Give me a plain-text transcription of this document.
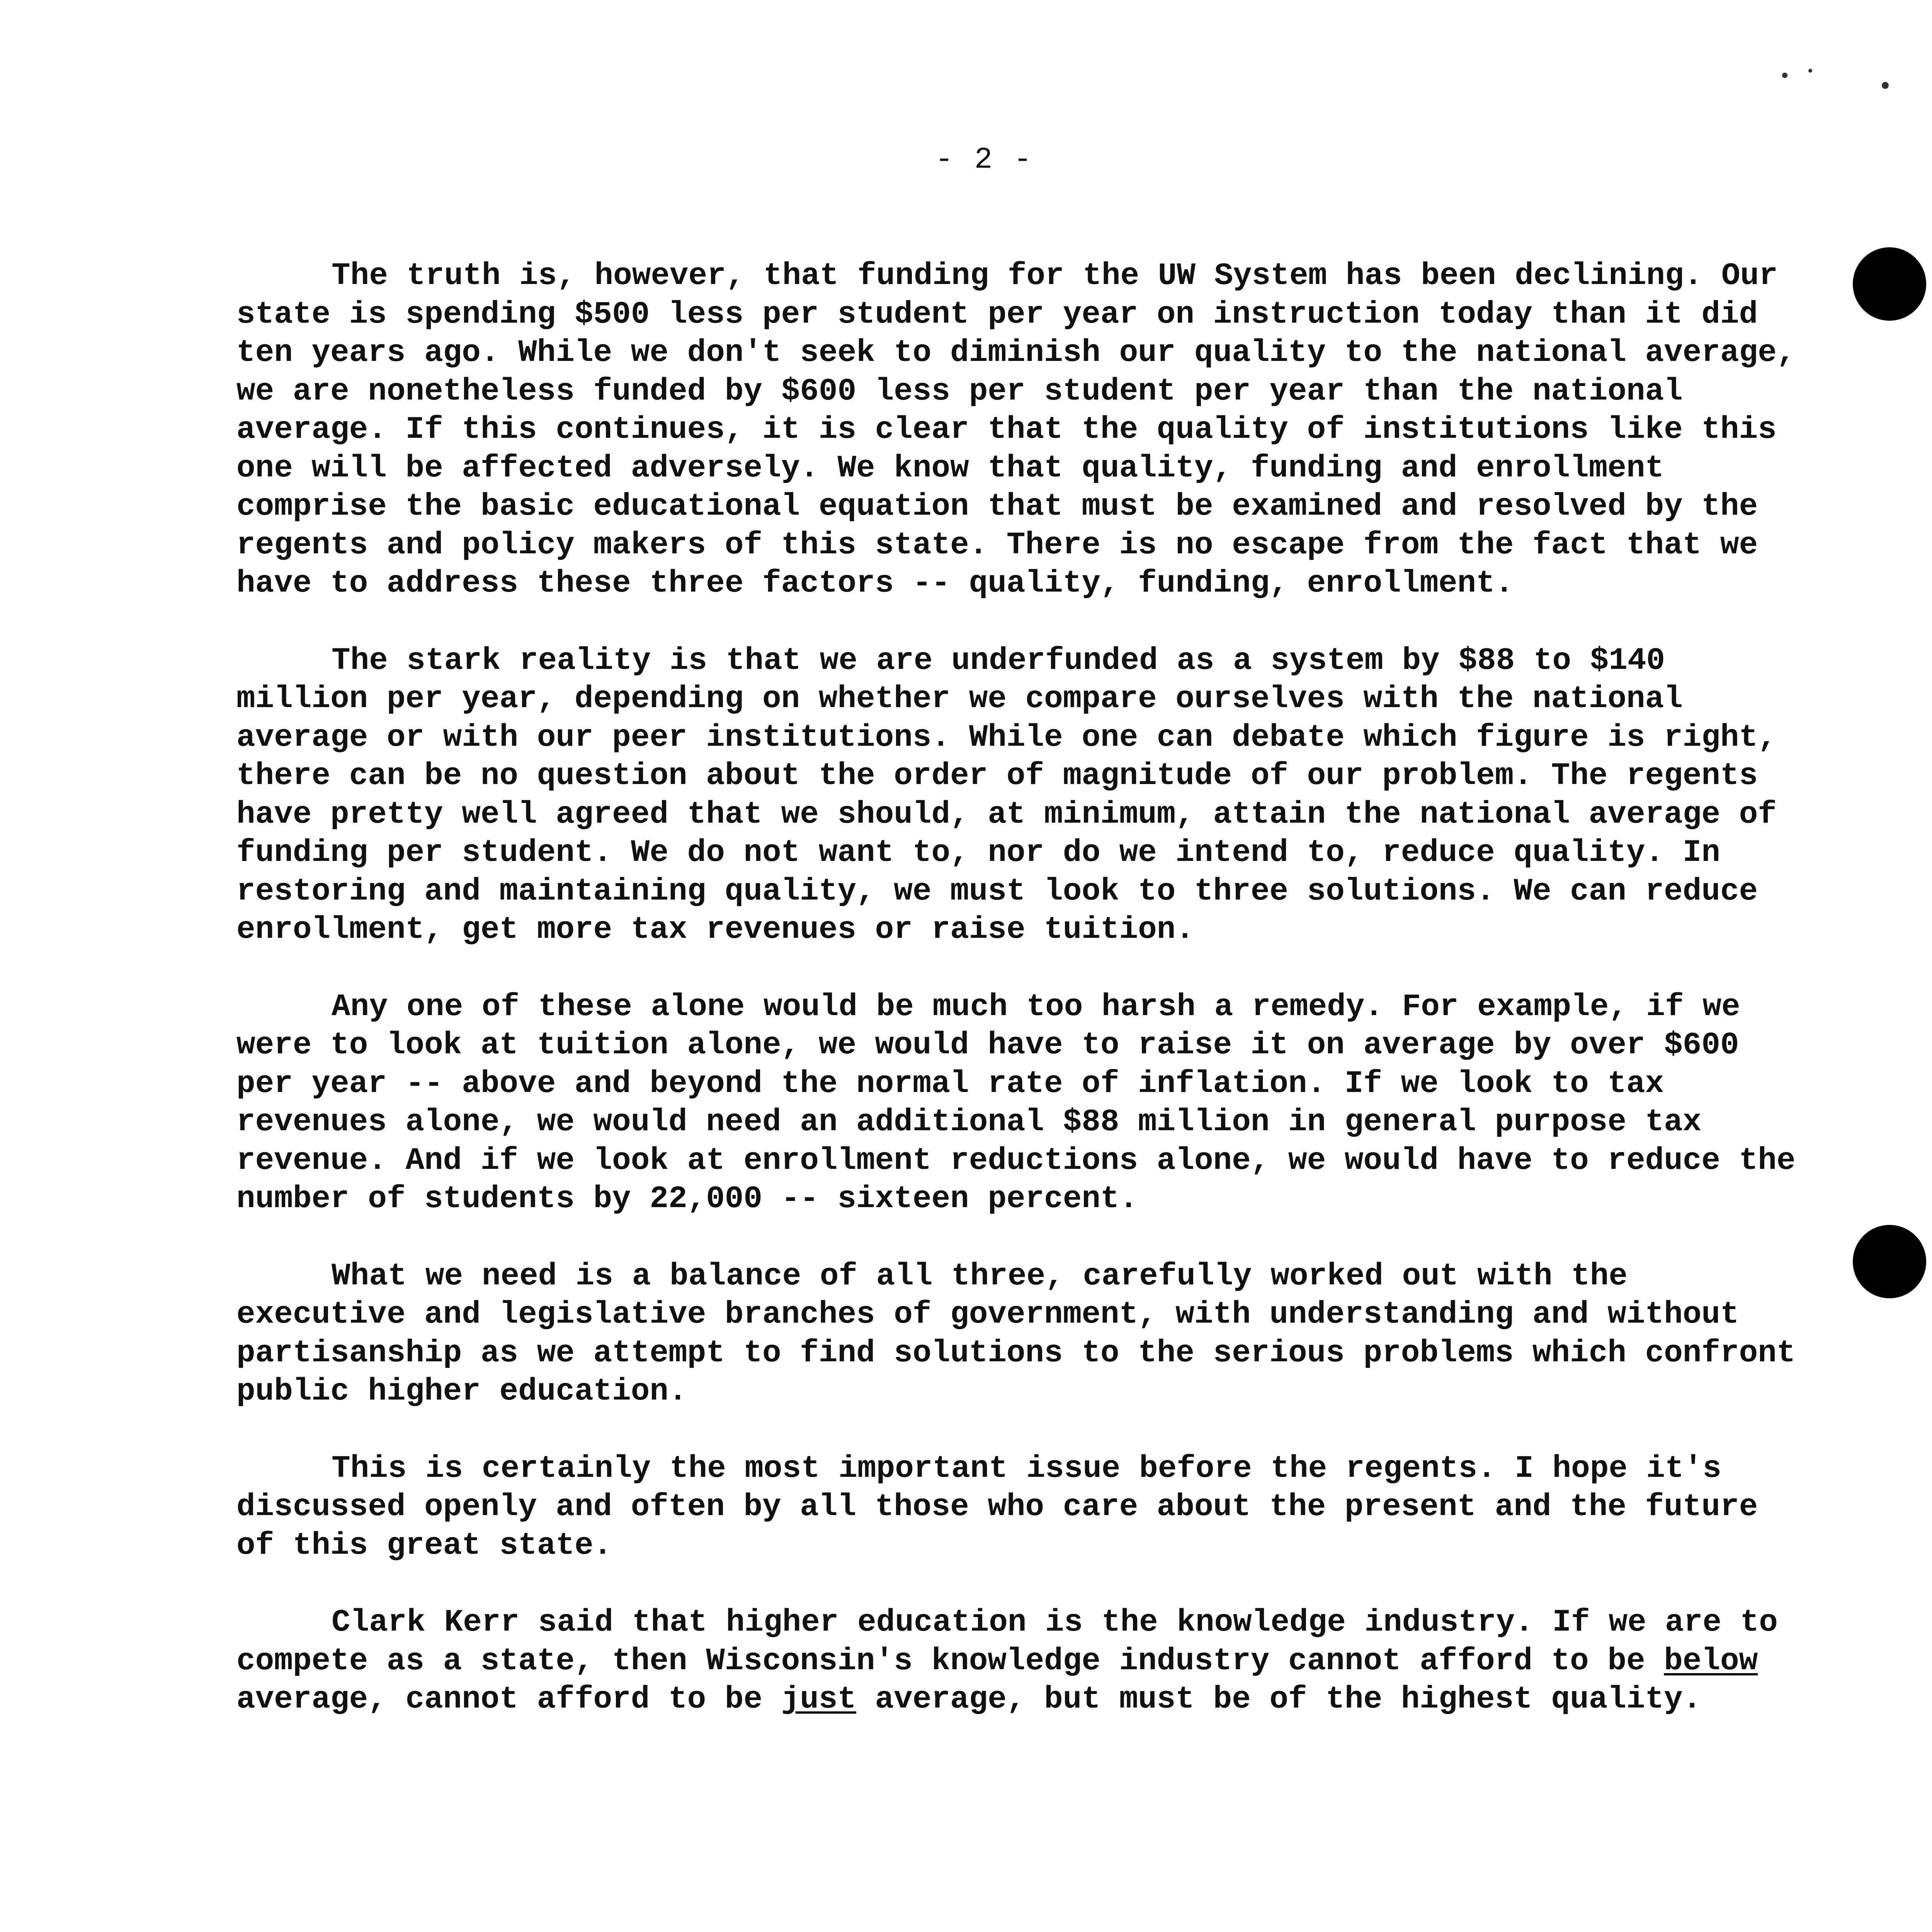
- 2 -

The truth is, however, that funding for the UW System has been declining. Our state is spending $500 less per student per year on instruction today than it did ten years ago. While we don't seek to diminish our quality to the national average, we are nonetheless funded by $600 less per student per year than the national average. If this continues, it is clear that the quality of institutions like this one will be affected adversely. We know that quality, funding and enrollment comprise the basic educational equation that must be examined and resolved by the regents and policy makers of this state. There is no escape from the fact that we have to address these three factors -- quality, funding, enrollment.

The stark reality is that we are underfunded as a system by $88 to $140 million per year, depending on whether we compare ourselves with the national average or with our peer institutions. While one can debate which figure is right, there can be no question about the order of magnitude of our problem. The regents have pretty well agreed that we should, at minimum, attain the national average of funding per student. We do not want to, nor do we intend to, reduce quality. In restoring and maintaining quality, we must look to three solutions. We can reduce enrollment, get more tax revenues or raise tuition.

Any one of these alone would be much too harsh a remedy. For example, if we were to look at tuition alone, we would have to raise it on average by over $600 per year -- above and beyond the normal rate of inflation. If we look to tax revenues alone, we would need an additional $88 million in general purpose tax revenue. And if we look at enrollment reductions alone, we would have to reduce the number of students by 22,000 -- sixteen percent.

What we need is a balance of all three, carefully worked out with the executive and legislative branches of government, with understanding and without partisanship as we attempt to find solutions to the serious problems which confront public higher education.

This is certainly the most important issue before the regents. I hope it's discussed openly and often by all those who care about the present and the future of this great state.

Clark Kerr said that higher education is the knowledge industry. If we are to compete as a state, then Wisconsin's knowledge industry cannot afford to be below average, cannot afford to be just average, but must be of the highest quality.
